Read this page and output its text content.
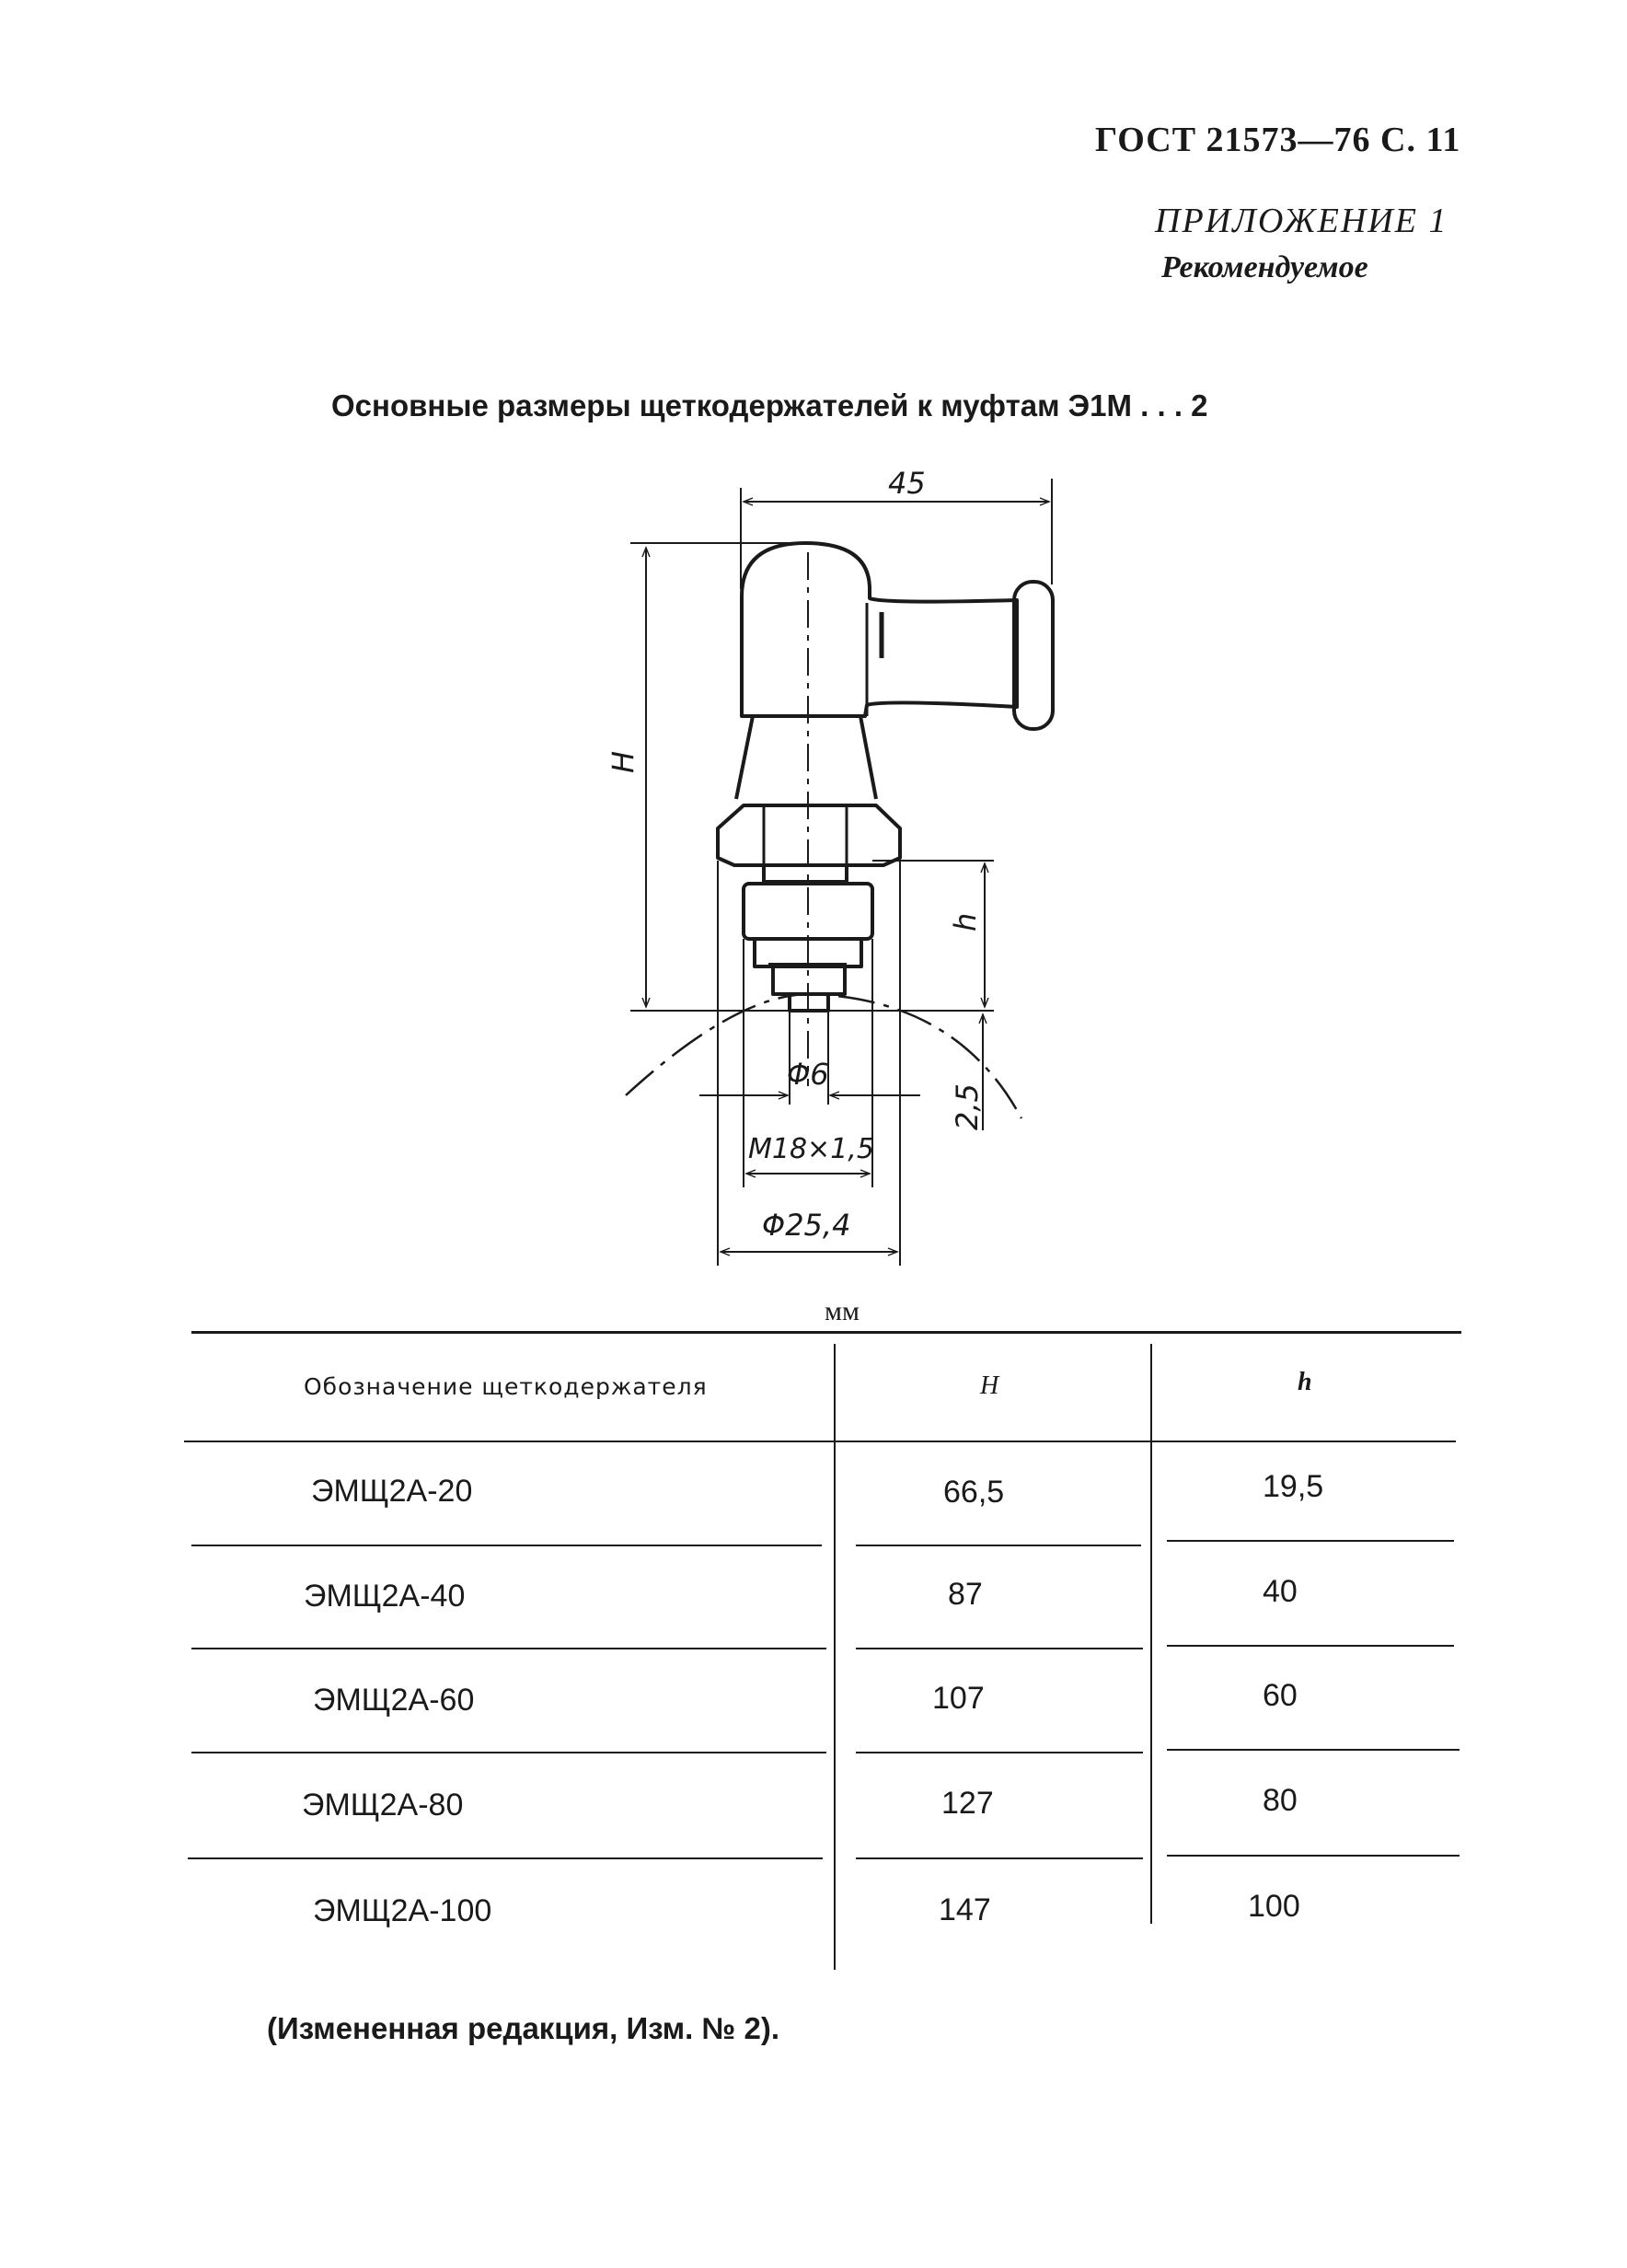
ГОСТ 21573—76 С. 11
ПРИЛОЖЕНИЕ 1
Рекомендуемое
Основные размеры щеткодержателей к муфтам Э1М . . . 2
45
H
h
2,5
Φ6
M18×1,5
Φ25,4
мм
Обозначение щеткодержателя	H	h
ЭМЩ2А-20	66,5	19,5
ЭМЩ2А-40	87	40
ЭМЩ2А-60	107	60
ЭМЩ2А-80	127	80
ЭМЩ2А-100	147	100
(Измененная редакция, Изм. № 2).
